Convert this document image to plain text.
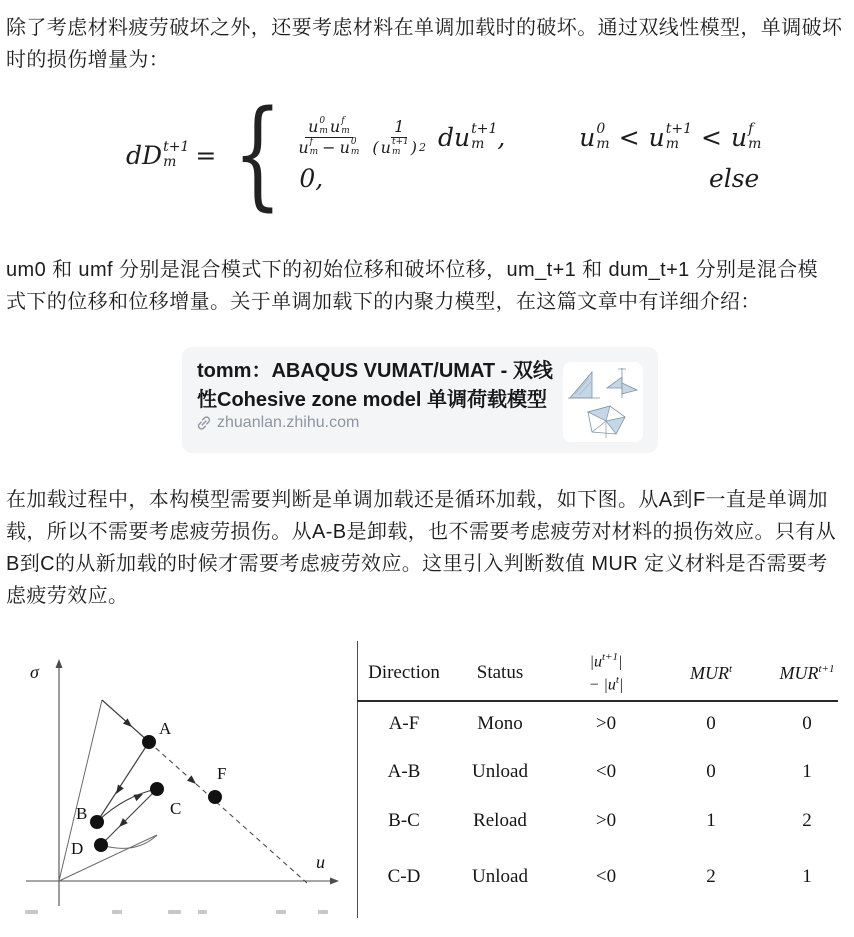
除了考虑材料疲劳破坏之外，还要考虑材料在单调加载时的破坏。通过双线性模型，单调破坏
时的损伤增量为：
dD t+1
m = { u 0
m u f
m
u f
m − u 0
m 1
( u t+1
m ) 2 du t+1
m ,	u 0
m < u t+1
m < u f
m
0,	else
um0 和 umf 分别是混合模式下的初始位移和破坏位移，um_t+1 和 dum_t+1 分别是混合模
式下的位移和位移增量。关于单调加载下的内聚力模型，在这篇文章中有详细介绍：
tomm：ABAQUS VUMAT/UMAT - 双线
性Cohesive zone model 单调荷载模型
zhuanlan.zhihu.com
在加载过程中，本构模型需要判断是单调加载还是循环加载，如下图。从A到F一直是单调加
载，所以不需要考虑疲劳损伤。从A-B是卸载，也不需要考虑疲劳对材料的损伤效应。只有从
B到C的从新加载的时候才需要考虑疲劳效应。这里引入判断数值 MUR 定义材料是否需要考
虑疲劳效应。
A
B	C
D
F
σ
u
Direction Status
$|u^{t+1}|$
− $|u^t|$
MUR$^t$	$MUR^{t+1}$
A-F	Mono	>0	0	0
A-B	Unload	<0	0	1
B-C	Reload	>0	1	2
C-D	Unload	<0	2	1
